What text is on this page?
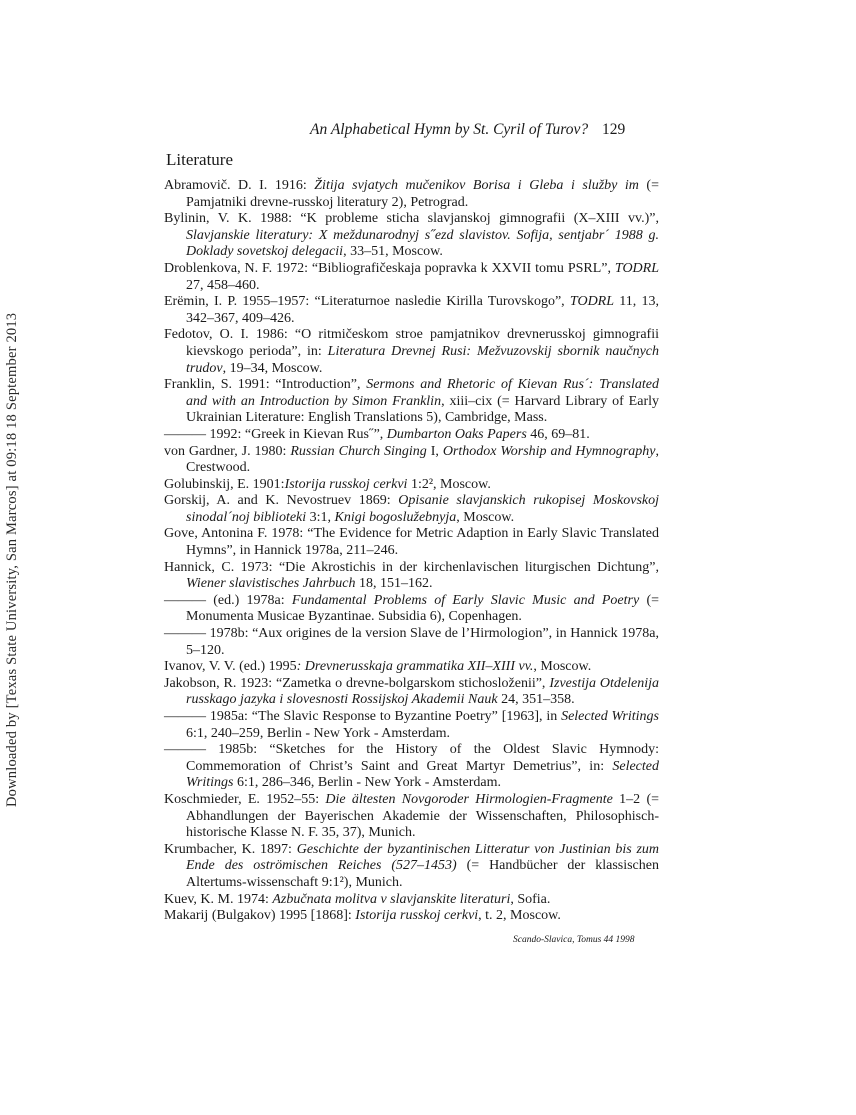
Downloaded by [Texas State University, San Marcos] at 09:18 18 September 2013
An Alphabetical Hymn by St. Cyril of Turov? 129
Literature
Abramovič. D. I. 1916: Žitija svjatych mučenikov Borisa i Gleba i služby im (= Pamjatniki drevne-russkoj literatury 2), Petrograd.
Bylinin, V. K. 1988: “K probleme sticha slavjanskoj gimnografii (X–XIII vv.)”, Slavjanskie literatury: X meždunarodnyj s˝ezd slavistov. Sofija, sentjabr´ 1988 g. Doklady sovetskoj delegacii, 33–51, Moscow.
Droblenkova, N. F. 1972: “Bibliografičeskaja popravka k XXVII tomu PSRL”, TODRL 27, 458–460.
Erëmin, I. P. 1955–1957: “Literaturnoe nasledie Kirilla Turovskogo”, TODRL 11, 13, 342–367, 409–426.
Fedotov, O. I. 1986: “O ritmičeskom stroe pamjatnikov drevnerusskoj gimnografii kievskogo perioda”, in: Literatura Drevnej Rusi: Mežvuzovskij sbornik naučnych trudov, 19–34, Moscow.
Franklin, S. 1991: “Introduction”, Sermons and Rhetoric of Kievan Rus´: Translated and with an Introduction by Simon Franklin, xiii–cix (= Harvard Library of Early Ukrainian Literature: English Translations 5), Cambridge, Mass.
——— 1992: “Greek in Kievan Rus˝”, Dumbarton Oaks Papers 46, 69–81.
von Gardner, J. 1980: Russian Church Singing I, Orthodox Worship and Hymnography, Crestwood.
Golubinskij, E. 1901:Istorija russkoj cerkvi 1:2², Moscow.
Gorskij, A. and K. Nevostruev 1869: Opisanie slavjanskich rukopisej Moskovskoj sinodal´noj biblioteki 3:1, Knigi bogoslužebnyja, Moscow.
Gove, Antonina F. 1978: “The Evidence for Metric Adaption in Early Slavic Translated Hymns”, in Hannick 1978a, 211–246.
Hannick, C. 1973: “Die Akrostichis in der kirchenlavischen liturgischen Dichtung”, Wiener slavistisches Jahrbuch 18, 151–162.
——— (ed.) 1978a: Fundamental Problems of Early Slavic Music and Poetry (= Monumenta Musicae Byzantinae. Subsidia 6), Copenhagen.
——— 1978b: “Aux origines de la version Slave de l’Hirmologion”, in Hannick 1978a, 5–120.
Ivanov, V. V. (ed.) 1995: Drevnerusskaja grammatika XII–XIII vv., Moscow.
Jakobson, R. 1923: “Zametka o drevne-bolgarskom stichosloženii”, Izvestija Otdelenija russkago jazyka i slovesnosti Rossijskoj Akademii Nauk 24, 351–358.
——— 1985a: “The Slavic Response to Byzantine Poetry” [1963], in Selected Writings 6:1, 240–259, Berlin - New York - Amsterdam.
——— 1985b: “Sketches for the History of the Oldest Slavic Hymnody: Commemoration of Christ’s Saint and Great Martyr Demetrius”, in: Selected Writings 6:1, 286–346, Berlin - New York - Amsterdam.
Koschmieder, E. 1952–55: Die ältesten Novgoroder Hirmologien-Fragmente 1–2 (= Abhandlungen der Bayerischen Akademie der Wissenschaften, Philosophisch-historische Klasse N. F. 35, 37), Munich.
Krumbacher, K. 1897: Geschichte der byzantinischen Litteratur von Justinian bis zum Ende des oströmischen Reiches (527–1453) (= Handbücher der klassischen Altertums-wissenschaft 9:1²), Munich.
Kuev, K. M. 1974: Azbučnata molitva v slavjanskite literaturi, Sofia.
Makarij (Bulgakov) 1995 [1868]: Istorija russkoj cerkvi, t. 2, Moscow.
Scando-Slavica, Tomus 44 1998
